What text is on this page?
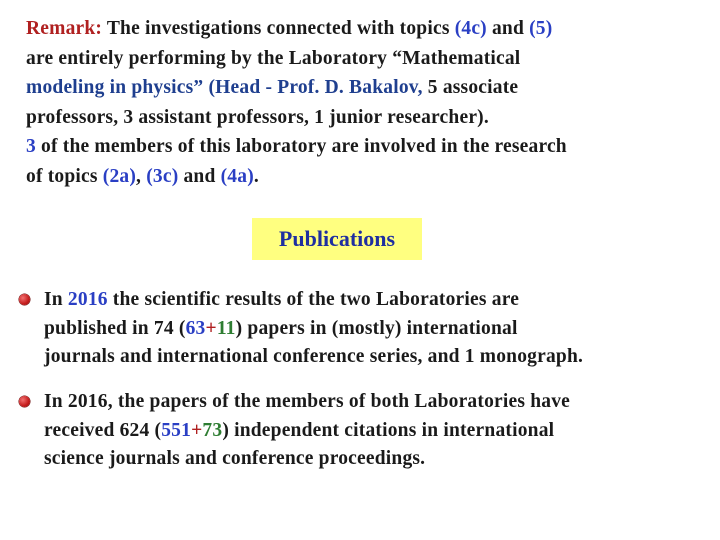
Remark: The investigations connected with topics (4c) and (5)
are entirely performing by the Laboratory “Mathematical
modeling in physics” (Head - Prof. D. Bakalov, 5 associate
professors, 3 assistant professors, 1 junior researcher).
3 of the members of this laboratory are involved in the research
of topics (2a), (3c) and (4a).
Publications
In 2016 the scientific results of the two Laboratories are
published in 74 (63+11) papers in (mostly) international
journals and international conference series, and 1 monograph.
In 2016, the papers of the members of both Laboratories have
received 624 (551+73) independent citations in international
science journals and conference proceedings.
